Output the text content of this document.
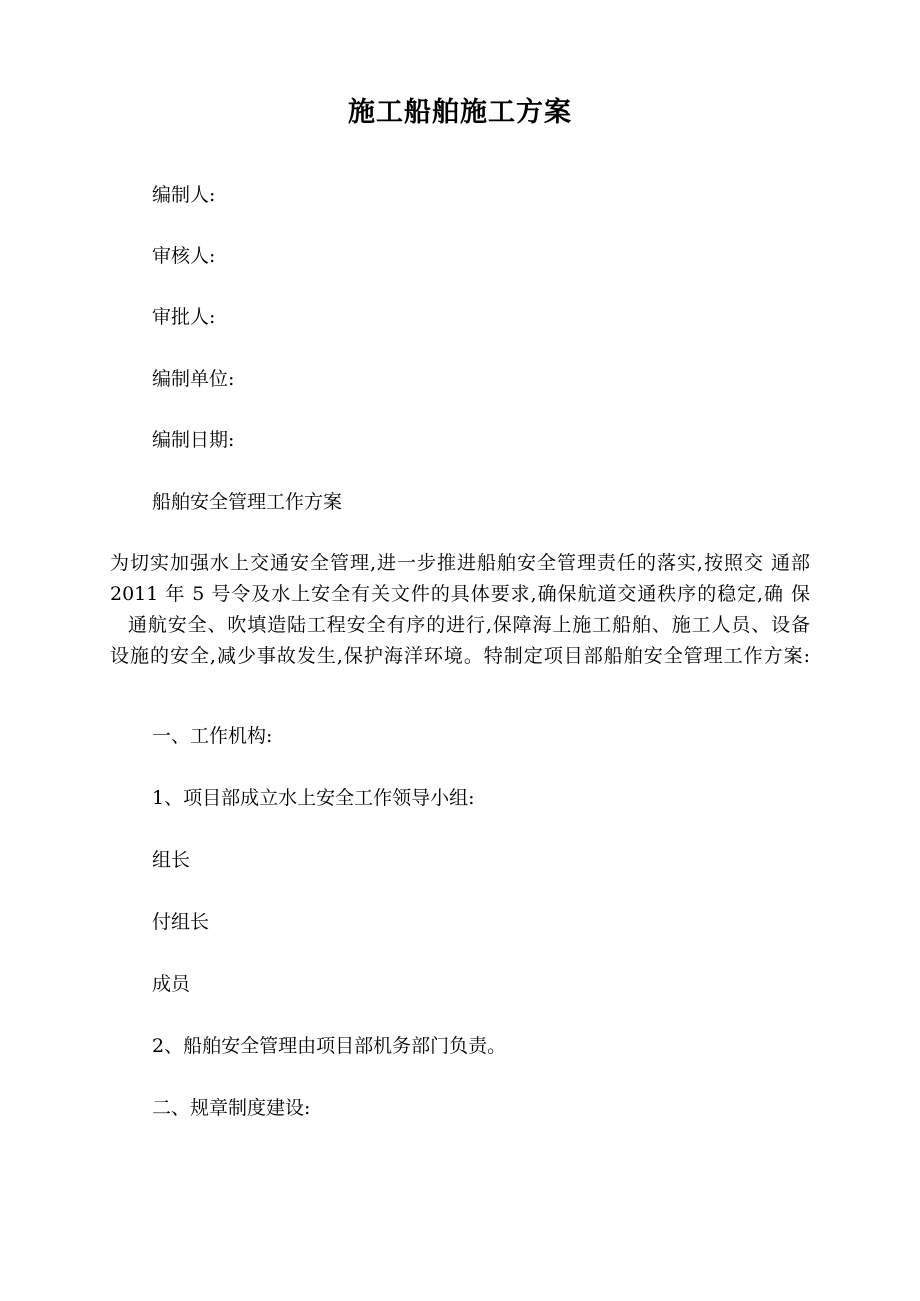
施工船舶施工方案
编制人:
审核人:
审批人:
编制单位:
编制日期:
船舶安全管理工作方案
为切实加强水上交通安全管理,进一步推进船舶安全管理责任的落实,按照交 通部
2011 年 5 号令及水上安全有关文件的具体要求,确保航道交通秩序的稳定,确 保
通航安全、吹填造陆工程安全有序的进行,保障海上施工船舶、施工人员、设备
设施的安全,减少事故发生,保护海洋环境。特制定项目部船舶安全管理工作方案:
一、工作机构:
1、项目部成立水上安全工作领导小组:
组长
付组长
成员
2、船舶安全管理由项目部机务部门负责。
二、规章制度建设:
